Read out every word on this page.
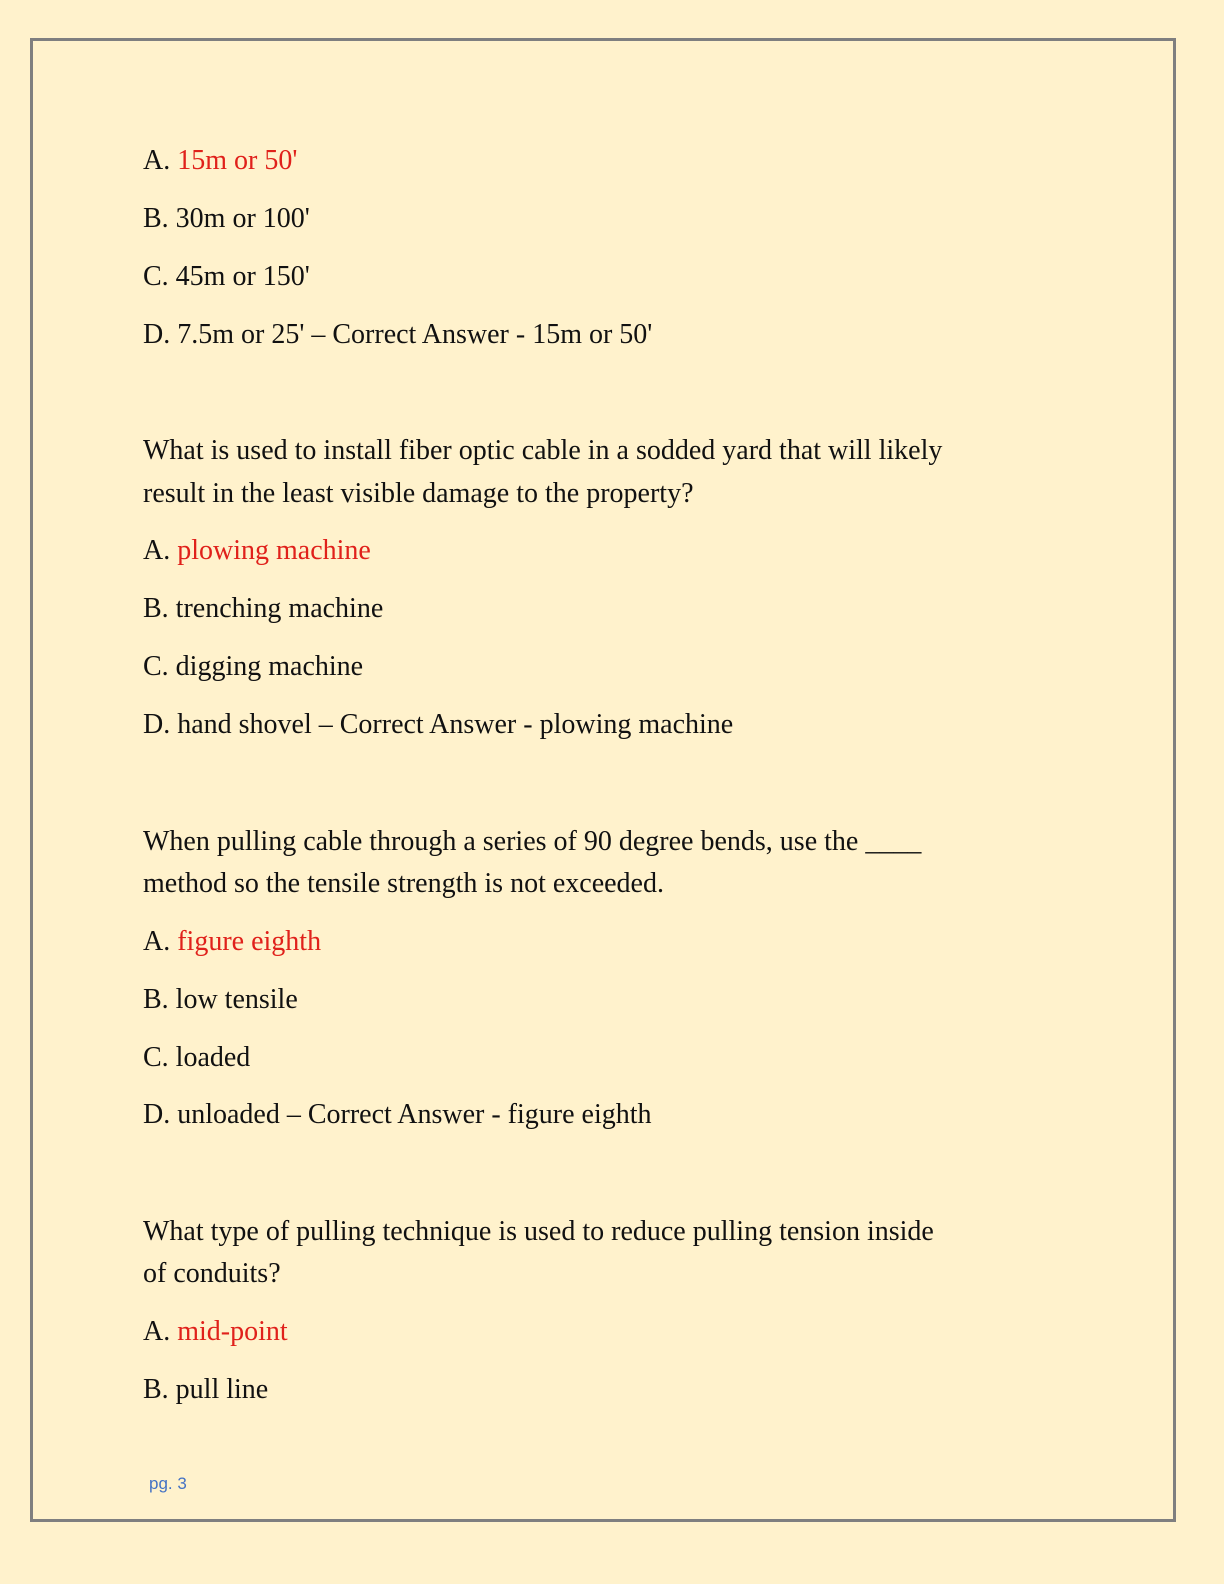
A. 15m or 50'
B. 30m or 100'
C. 45m or 150'
D. 7.5m or 25' – Correct Answer - 15m or 50'
What is used to install fiber optic cable in a sodded yard that will likely
result in the least visible damage to the property?
A. plowing machine
B. trenching machine
C. digging machine
D. hand shovel – Correct Answer - plowing machine
When pulling cable through a series of 90 degree bends, use the ____
method so the tensile strength is not exceeded.
A. figure eighth
B. low tensile
C. loaded
D. unloaded – Correct Answer - figure eighth
What type of pulling technique is used to reduce pulling tension inside
of conduits?
A. mid-point
B. pull line
pg. 3
